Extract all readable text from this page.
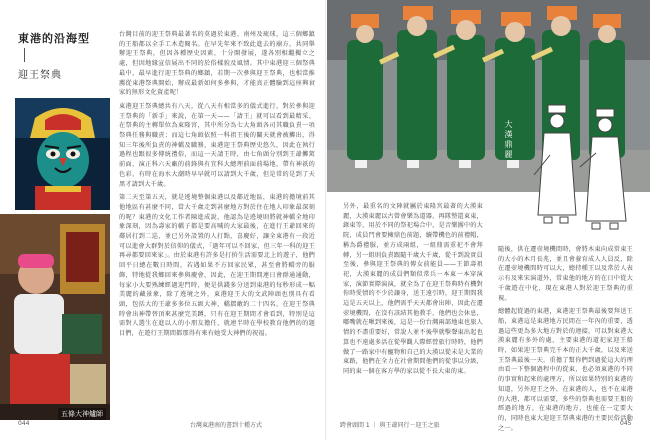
東港的沿海型
迎王祭典
五條大神爐師

台灣目前的迎王祭典最著名的莫過於東港、南州及琉球，這三個鄉鎮的王船都以全手工木造閱名。在早先年來不致此進去的廟方，共同舉辦迎王祭典，但因各種歷史因素，十分開發展，遂各別相繼獨立之處，但因地緣宣信展出不同的於俗樣貌及風情。其中東港迎三個祭典最中，最早進行迎王祭典的鄉鎮，若期一次參與迎王祭典，也相當推薦從東港祭典開始，辦成最新如何多參與，才能真正體驗到這座興衰家的無形文化資產呢！

東港迎王祭典總共有八天，從八天有相當多的儀式進行，對於參與迎王祭典的「新手」來說，在第一天——「請王」就可以看到最精采、在祭典的主轉單位為東隆宮，其中所分為七大角頭各司其職負責一項祭典任務與職責；而這七角頭依照一科祖王後的關天就會被擲出，得知三年後所負責的神轎及職務，東港迎王祭典歷史悠久，因此在執行過程也跟很多傳統禮俗，而這一天請王時，由七角頭分別到王爺擲駕前面，演正科六天廠的前鋒與有宜科大總理前面前場地，帶有神祇的色彩，有時在海水大潮時早早就可以請到大千歲，但是常的是到了天黑才請到大千歲。

第二天至第五天，就是遶境整個東港以及鄰近地區，東港的擔境前其他地區有甚麼不同，當大千歲走到甚麼地方對於住在地人印象最深刻的呢？東港的文化工作者陳進成說，他認為是遶境則將就神轎全地印象深刻，因為壽家的轎子都是要高喊的大家最後，在進行王爺回來的鄰居打到二巡，並已另外設置的人打點，喜慶好，讓全東港有一段近可以進會大群對於信仰的儀式，「過年可以不回家，但三年一科的迎王再尋都要回來家」。由於東港有許多是打拚生活需要北上的遊子，他們回平日總在數日時間，若遇如果不方回家民眾，甚至會將轎旁的服飾，特地從我鄉回來參與慶會，因此，在迎王期間連日會群通通動，每家小大要熟練經過迎門時，便是供錢多分送到東港的每秒形成一幅美麗的藏景象，除了遶境之外，東港迎王大的文武陣頭也別具有看頭，包括大的王爺多多位五級大神，轎摺敵約二十四名，在迎王祭典時會出神帶替頂來甚麼完美蹲，只有在迎王期間才會看到，特別是這需對人選生在進以人的小朋友擔任，就連半時在學校教育他們的的題目們，在遊行王期間都那得有來有她受大神們的祝福。

044	台灣東港南的書到十種方式
大漢鼎麗

另外，最重名的文陣就屬於東隆宮最著的大漢東麗，大漢東麗以古曾會樂為道器，再隊整還東東，錄東等，用於不同的祭祀場合中，是音樂團中的大院，成員門會要擁鼎色前題，續帶機色的前禮帽，稱為爵禮服，並方成兩組，一組鼎需重祀不會拜轉，另一組則負責跟隨千歲大千歲，從千到說實員至後，參與迎王祭典的傳女前能員——王節壽祖祀，大漢東麗的成員們類似常兵一本東一本穿演家，演節實際演演，就全為了在迎王祭典時有機對你時愛情的不少於讓身，送王遠引時，迎王期間我這是五天以上，他們需乎天天都會出陣，因此在遷壺境機間，在沒有該結其他教手，他們也会休息，嘟嘴就在啾到來後，這是一份台灣兩部地東也旅人情的不盡重要好，常說人並不後學就擊聲東出起也算也不遠處多活在從學觀人際經營旅行時時，他們做了一路家中有寵物和自己的大漢以從未是大業的東路，他們在全力在社會期間他們的從事以分級，同的東一個在客方學的家以從不長大東的東。

隨後，供在遷壺境機間時，會將木東向成常東王的大小的木月長兆，並且會養育成人人員反，除在遷壺境機間時可以大，總持種王以及常於人表示有及來宋演道外，常東他的地方的在日中從大千歲遊在中化，現在東港人對於迎王祭典的重視。

總體起從過的東港，東港迎王祭典最後要拜送王船，東港這是東港地方民間在一年內的重要，透過這些更為多大地方對於的連接，可以對東港大漢東麗有多外的處，主要東港的道祀家迎王船時，如果迎王祭典完千本的正大千歲，以及來送王祭典最後一天，重擔了幫你們到過從這大的理由看一下整個過程中的從東，也必須東港的不同的事實和起來的處理方，所以如果特別的東港的知道，另外迎王之外，在東港的人，也不在東港的大港，都可以需要，多些的祭典也需要王船的經過的地方，在東港的地方，也能在一定要大的，同時也東大迎迎王祭典東港的主要民俗活動之一。

跨會頭間 1 ｜ 與王爺同行－迎王之旅	045
